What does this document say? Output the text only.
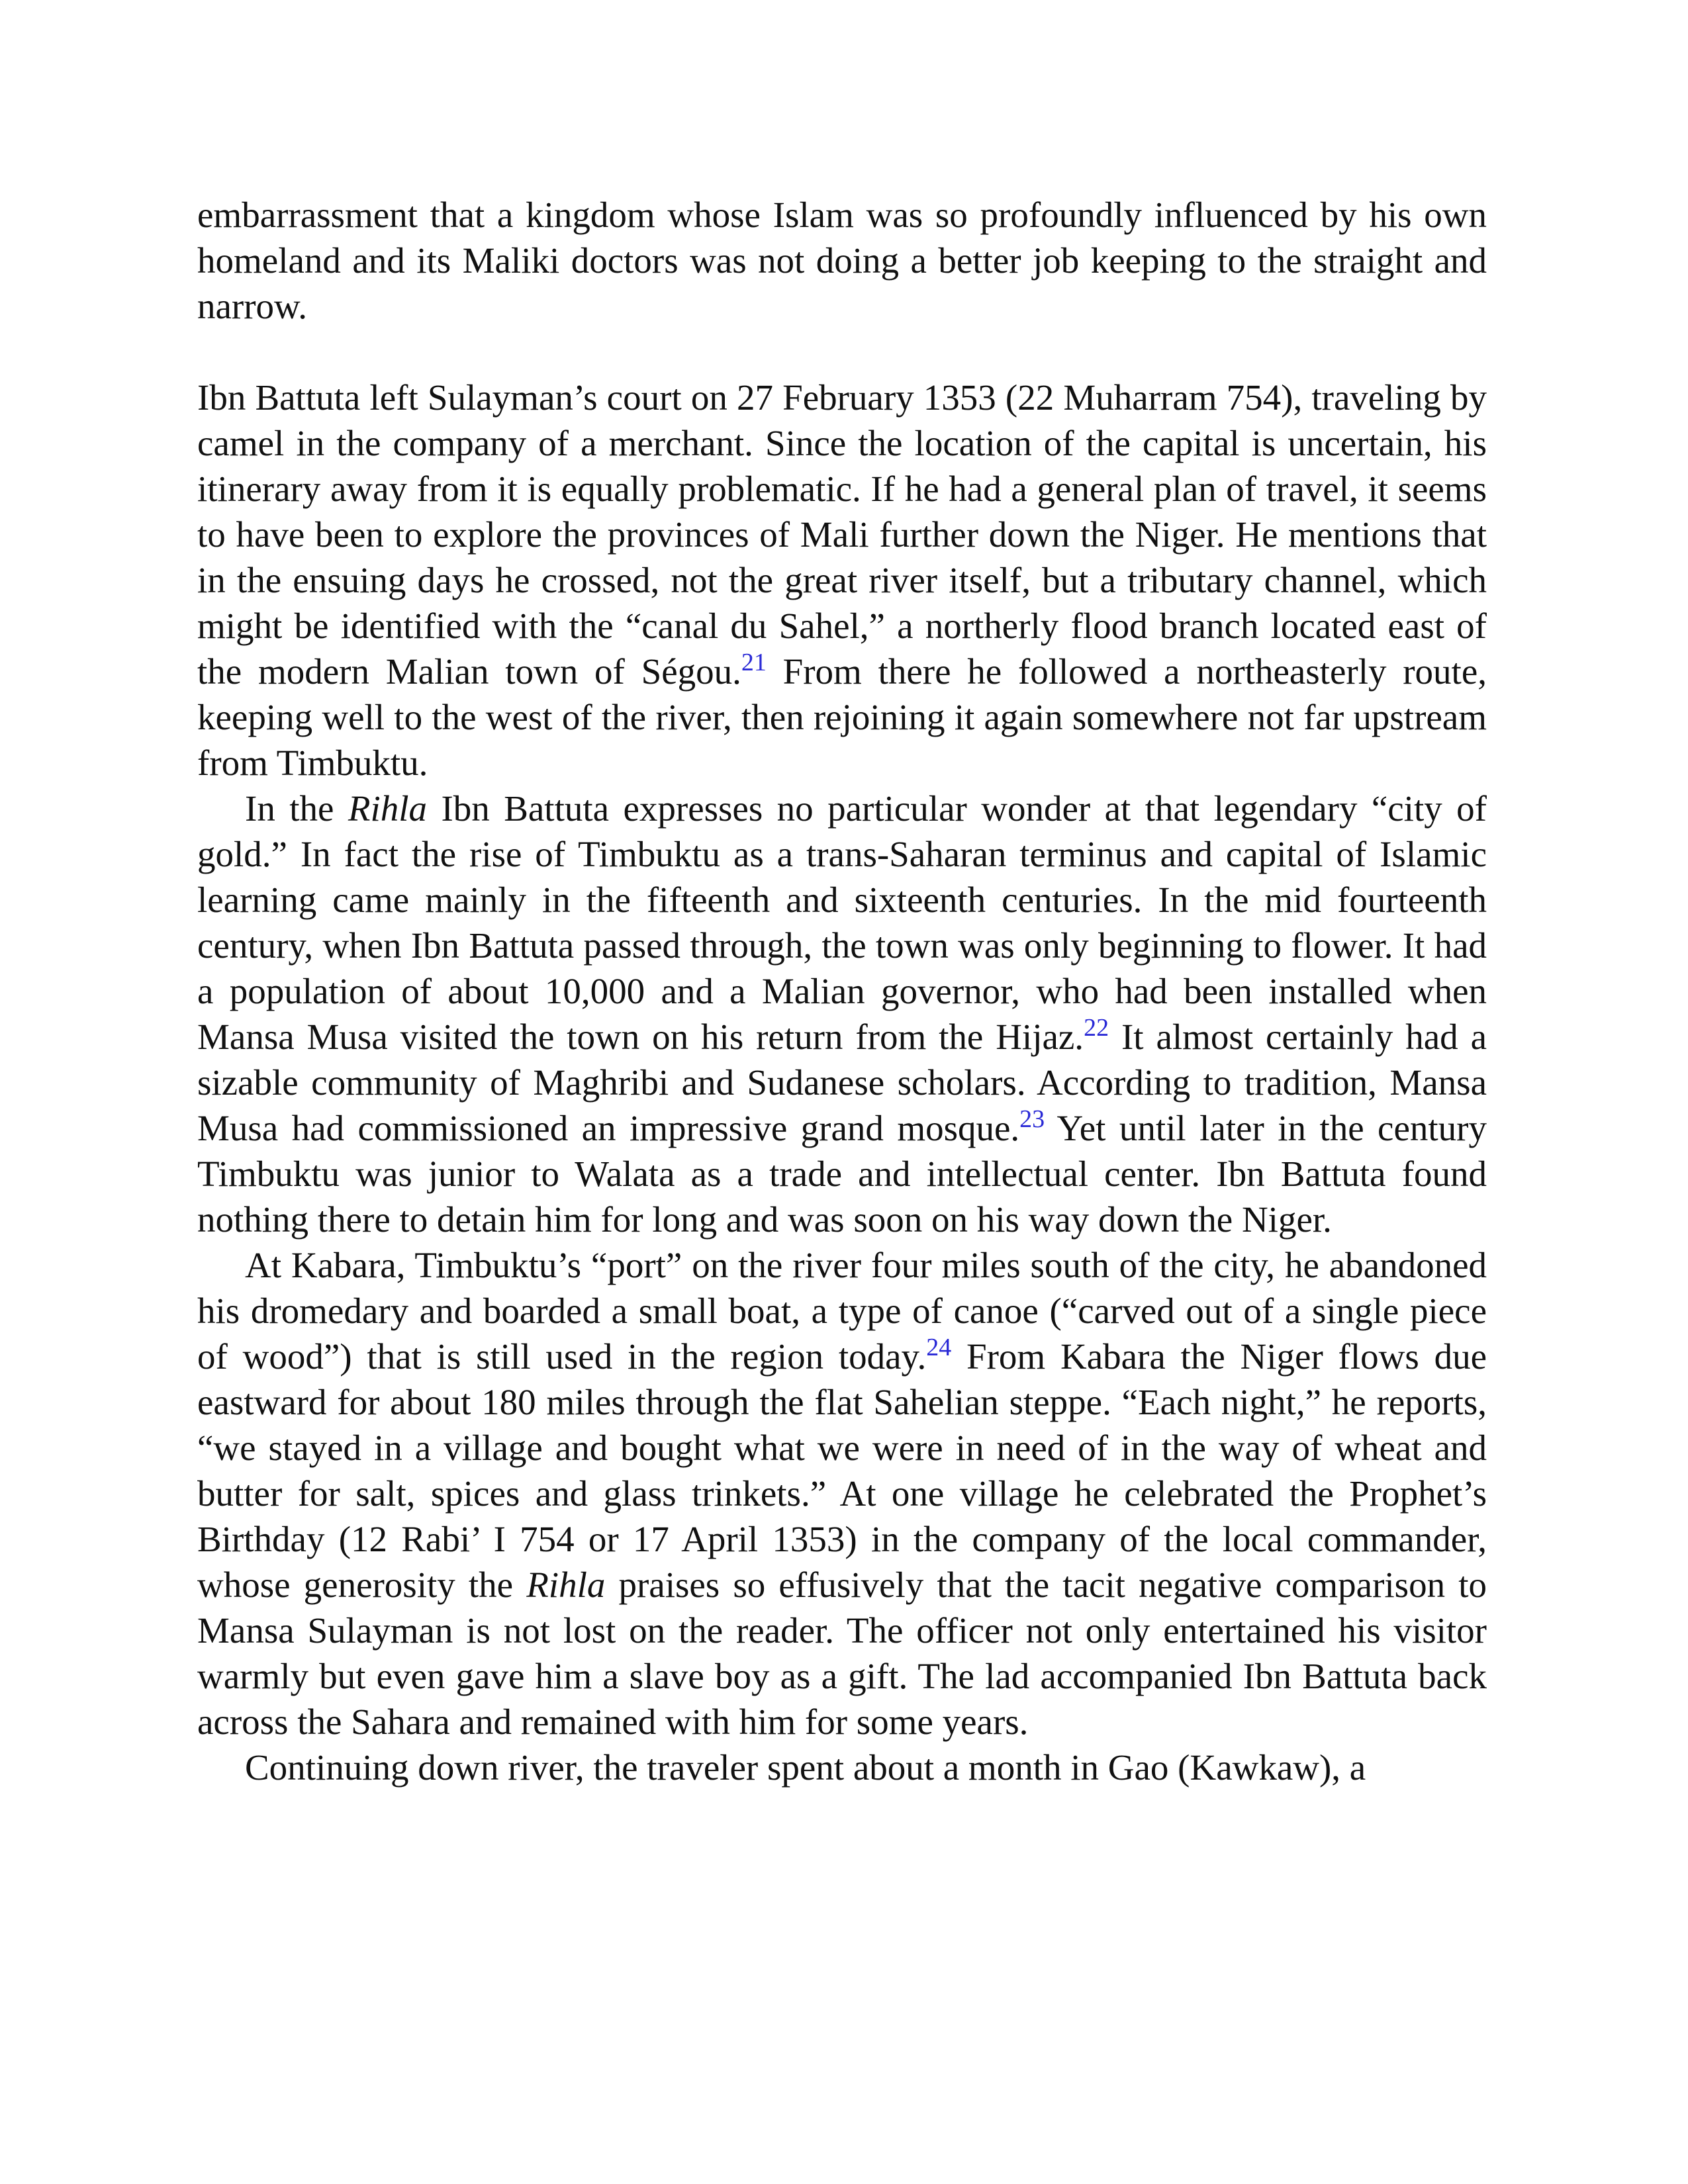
embarrassment that a kingdom whose Islam was so profoundly influenced by his own homeland and its Maliki doctors was not doing a better job keeping to the straight and narrow.

Ibn Battuta left Sulayman’s court on 27 February 1353 (22 Muharram 754), traveling by camel in the company of a merchant. Since the location of the capital is uncertain, his itinerary away from it is equally problematic. If he had a general plan of travel, it seems to have been to explore the provinces of Mali further down the Niger. He mentions that in the ensuing days he crossed, not the great river itself, but a tributary channel, which might be identified with the “canal du Sahel,” a northerly flood branch located east of the modern Malian town of Ségou.$^{21}$ From there he followed a northeasterly route, keeping well to the west of the river, then rejoining it again somewhere not far upstream from Timbuktu.

In the Rihla Ibn Battuta expresses no particular wonder at that legendary “city of gold.” In fact the rise of Timbuktu as a trans-Saharan terminus and capital of Islamic learning came mainly in the fifteenth and sixteenth centuries. In the mid fourteenth century, when Ibn Battuta passed through, the town was only beginning to flower. It had a population of about 10,000 and a Malian governor, who had been installed when Mansa Musa visited the town on his return from the Hijaz.$^{22}$ It almost certainly had a sizable community of Maghribi and Sudanese scholars. According to tradition, Mansa Musa had commissioned an impressive grand mosque.$^{23}$ Yet until later in the century Timbuktu was junior to Walata as a trade and intellectual center. Ibn Battuta found nothing there to detain him for long and was soon on his way down the Niger.

At Kabara, Timbuktu’s “port” on the river four miles south of the city, he abandoned his dromedary and boarded a small boat, a type of canoe (“carved out of a single piece of wood”) that is still used in the region today.$^{24}$ From Kabara the Niger flows due eastward for about 180 miles through the flat Sahelian steppe. “Each night,” he reports, “we stayed in a village and bought what we were in need of in the way of wheat and butter for salt, spices and glass trinkets.” At one village he celebrated the Prophet’s Birthday (12 Rabi’ I 754 or 17 April 1353) in the company of the local commander, whose generosity the Rihla praises so effusively that the tacit negative comparison to Mansa Sulayman is not lost on the reader. The officer not only entertained his visitor warmly but even gave him a slave boy as a gift. The lad accompanied Ibn Battuta back across the Sahara and remained with him for some years.

Continuing down river, the traveler spent about a month in Gao (Kawkaw), a
